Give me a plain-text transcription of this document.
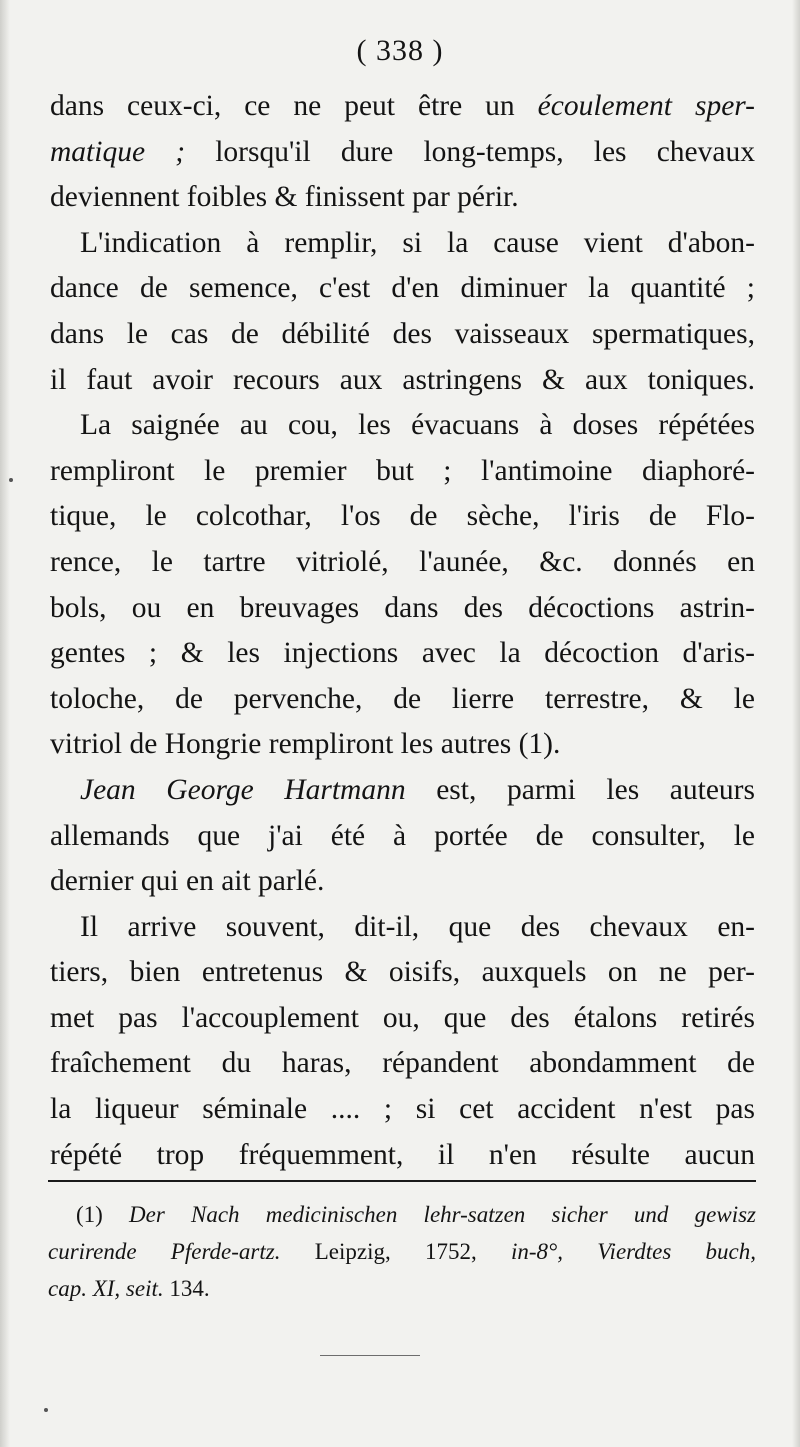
( 338 )
dans ceux-ci, ce ne peut être un écoulement sper-
matique ; lorsqu'il dure long-temps, les chevaux
deviennent foibles & finissent par périr.
L'indication à remplir, si la cause vient d'abon-
dance de semence, c'est d'en diminuer la quantité ;
dans le cas de débilité des vaisseaux spermatiques,
il faut avoir recours aux astringens & aux toniques.
La saignée au cou, les évacuans à doses répétées
rempliront le premier but ; l'antimoine diaphoré-
tique, le colcothar, l'os de sèche, l'iris de Flo-
rence, le tartre vitriolé, l'aunée, &c. donnés en
bols, ou en breuvages dans des décoctions astrin-
gentes ; & les injections avec la décoction d'aris-
toloche, de pervenche, de lierre terrestre, & le
vitriol de Hongrie rempliront les autres (1).
Jean George Hartmann est, parmi les auteurs
allemands que j'ai été à portée de consulter, le
dernier qui en ait parlé.
Il arrive souvent, dit-il, que des chevaux en-
tiers, bien entretenus & oisifs, auxquels on ne per-
met pas l'accouplement ou, que des étalons retirés
fraîchement du haras, répandent abondamment de
la liqueur séminale .... ; si cet accident n'est pas
répété trop fréquemment, il n'en résulte aucun
(1) Der Nach medicinischen lehr-satzen sicher und gewisz
curirende Pferde-artz. Leipzig, 1752, in-8°, Vierdtes buch,
cap. XI, seit. 134.
